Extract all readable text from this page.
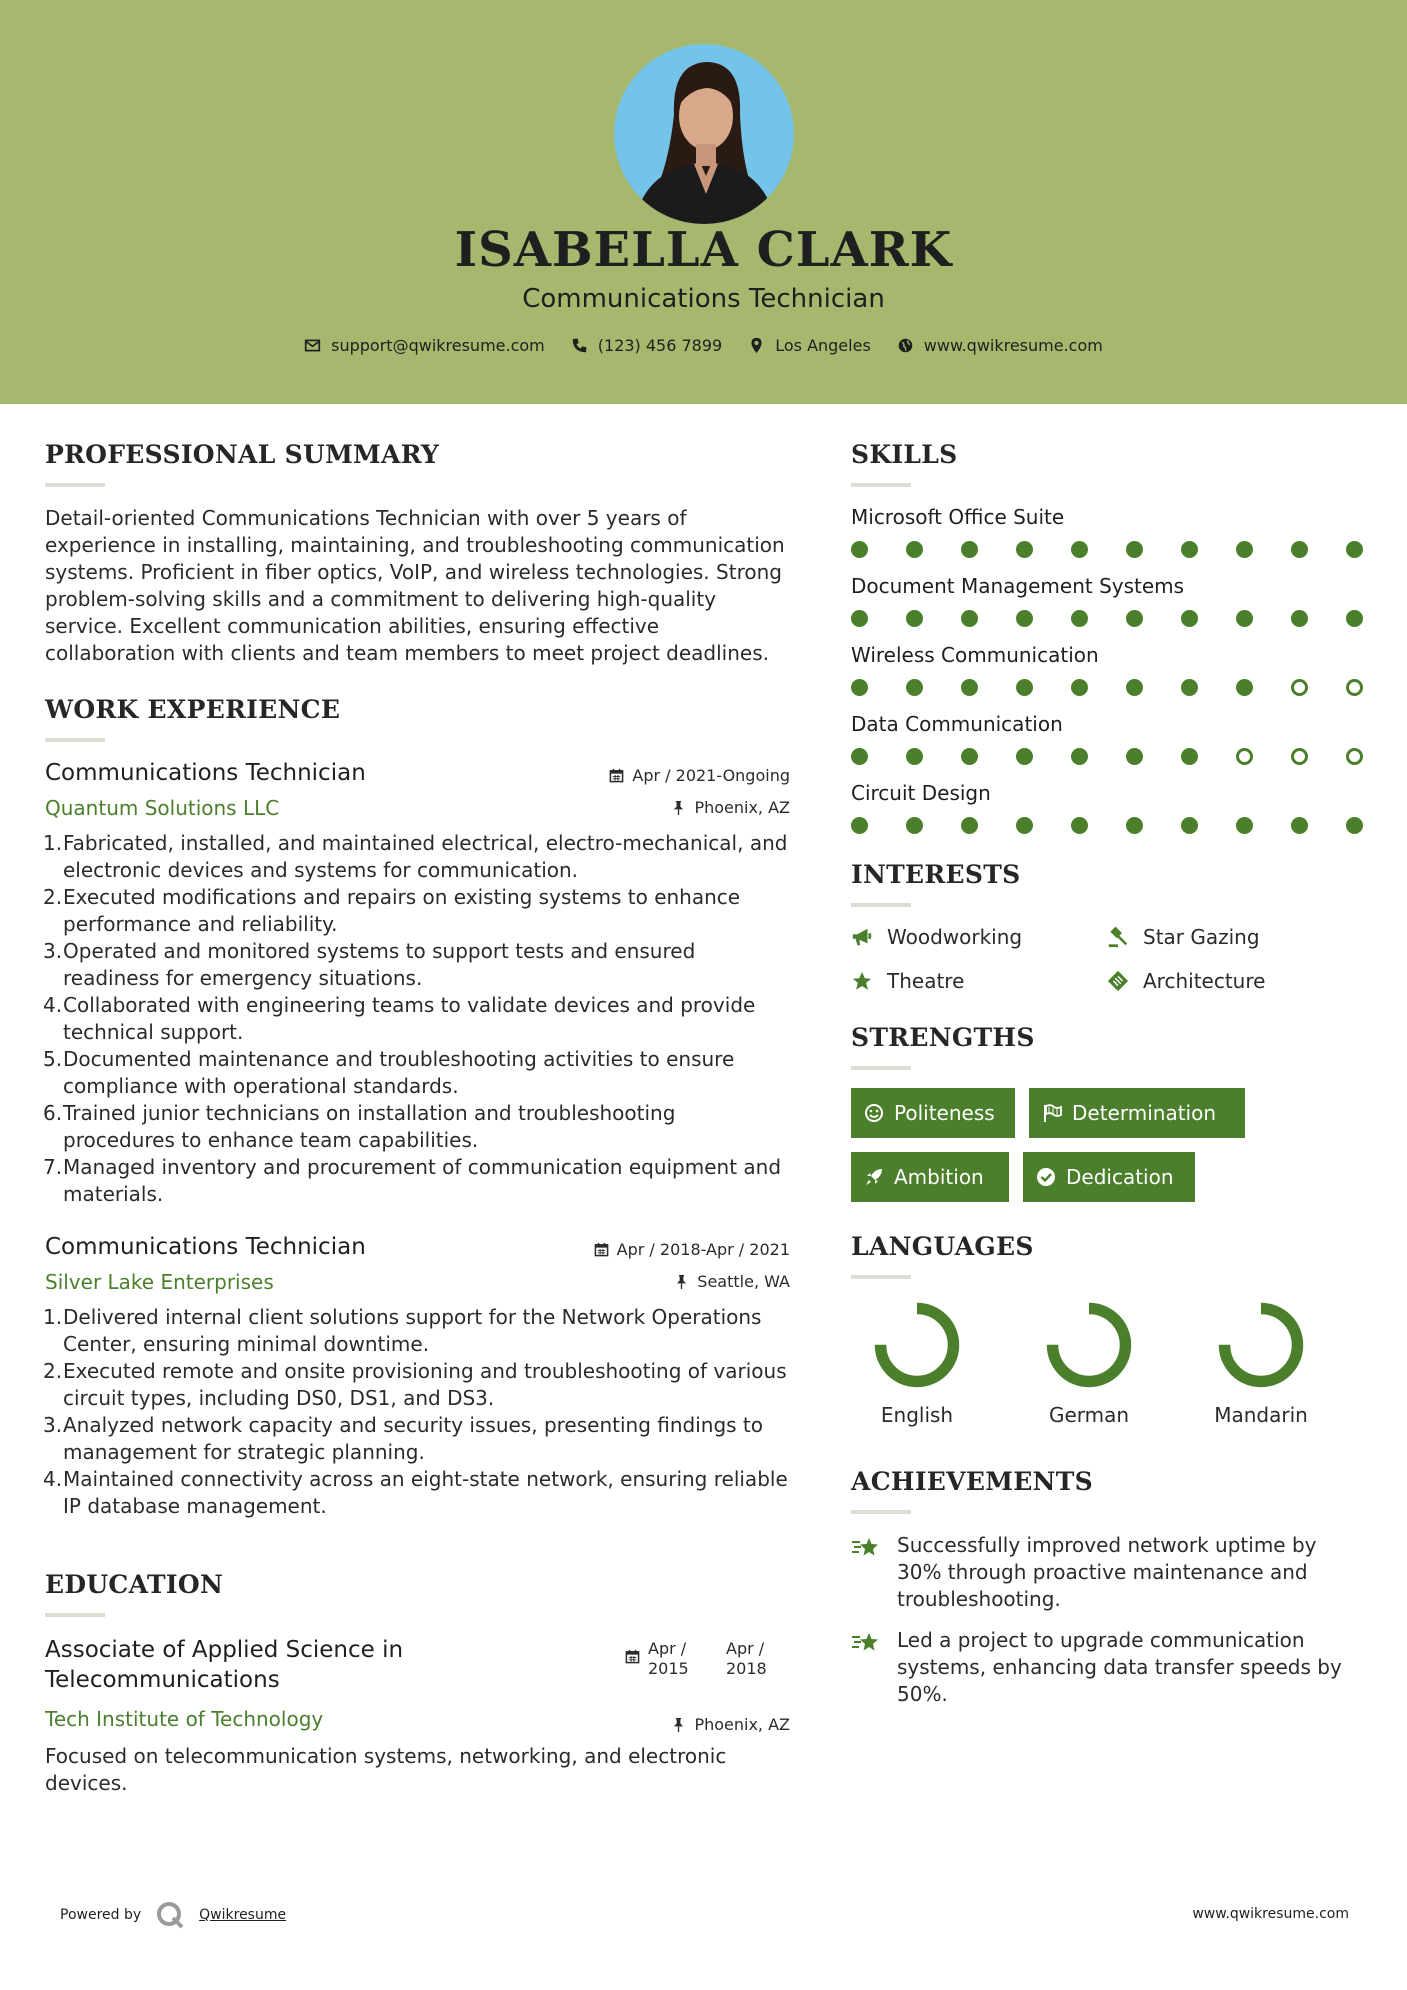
ISABELLA CLARK
Communications Technician
support@qwikresume.com	(123) 456 7899	Los Angeles	www.qwikresume.com
PROFESSIONAL SUMMARY

Detail-oriented Communications Technician with over 5 years of experience in installing, maintaining, and troubleshooting communication systems. Proficient in fiber optics, VoIP, and wireless technologies. Strong problem-solving skills and a commitment to delivering high-quality service. Excellent communication abilities, ensuring effective collaboration with clients and team members to meet project deadlines.

WORK EXPERIENCE
Communications Technician
Quantum Solutions LLC
Apr / 2021-Ongoing
Phoenix, AZ
1. Fabricated, installed, and maintained electrical, electro-mechanical, and electronic devices and systems for communication.
2. Executed modifications and repairs on existing systems to enhance performance and reliability.
3. Operated and monitored systems to support tests and ensured readiness for emergency situations.
4. Collaborated with engineering teams to validate devices and provide technical support.
5. Documented maintenance and troubleshooting activities to ensure compliance with operational standards.
6. Trained junior technicians on installation and troubleshooting procedures to enhance team capabilities.
7. Managed inventory and procurement of communication equipment and materials.
Communications Technician
Silver Lake Enterprises
Apr / 2018-Apr / 2021
Seattle, WA
1. Delivered internal client solutions support for the Network Operations Center, ensuring minimal downtime.
2. Executed remote and onsite provisioning and troubleshooting of various circuit types, including DS0, DS1, and DS3.
3. Analyzed network capacity and security issues, presenting findings to management for strategic planning.
4. Maintained connectivity across an eight-state network, ensuring reliable IP database management.
EDUCATION
Associate of Applied Science in Telecommunications
Tech Institute of Technology
Apr / 2015
Apr / 2018
Phoenix, AZ

Focused on telecommunication systems, networking, and electronic devices.

SKILLS
Microsoft Office Suite
Document Management Systems
Wireless Communication
Data Communication
Circuit Design
INTERESTS
Woodworking	Star Gazing
Theatre	Architecture
STRENGTHS
Politeness	Determination
Ambition	Dedication
LANGUAGES
English	German	Mandarin
ACHIEVEMENTS
Successfully improved network uptime by 30% through proactive maintenance and troubleshooting.
Led a project to upgrade communication systems, enhancing data transfer speeds by 50%.
Powered by	Qwikresume	www.qwikresume.com
